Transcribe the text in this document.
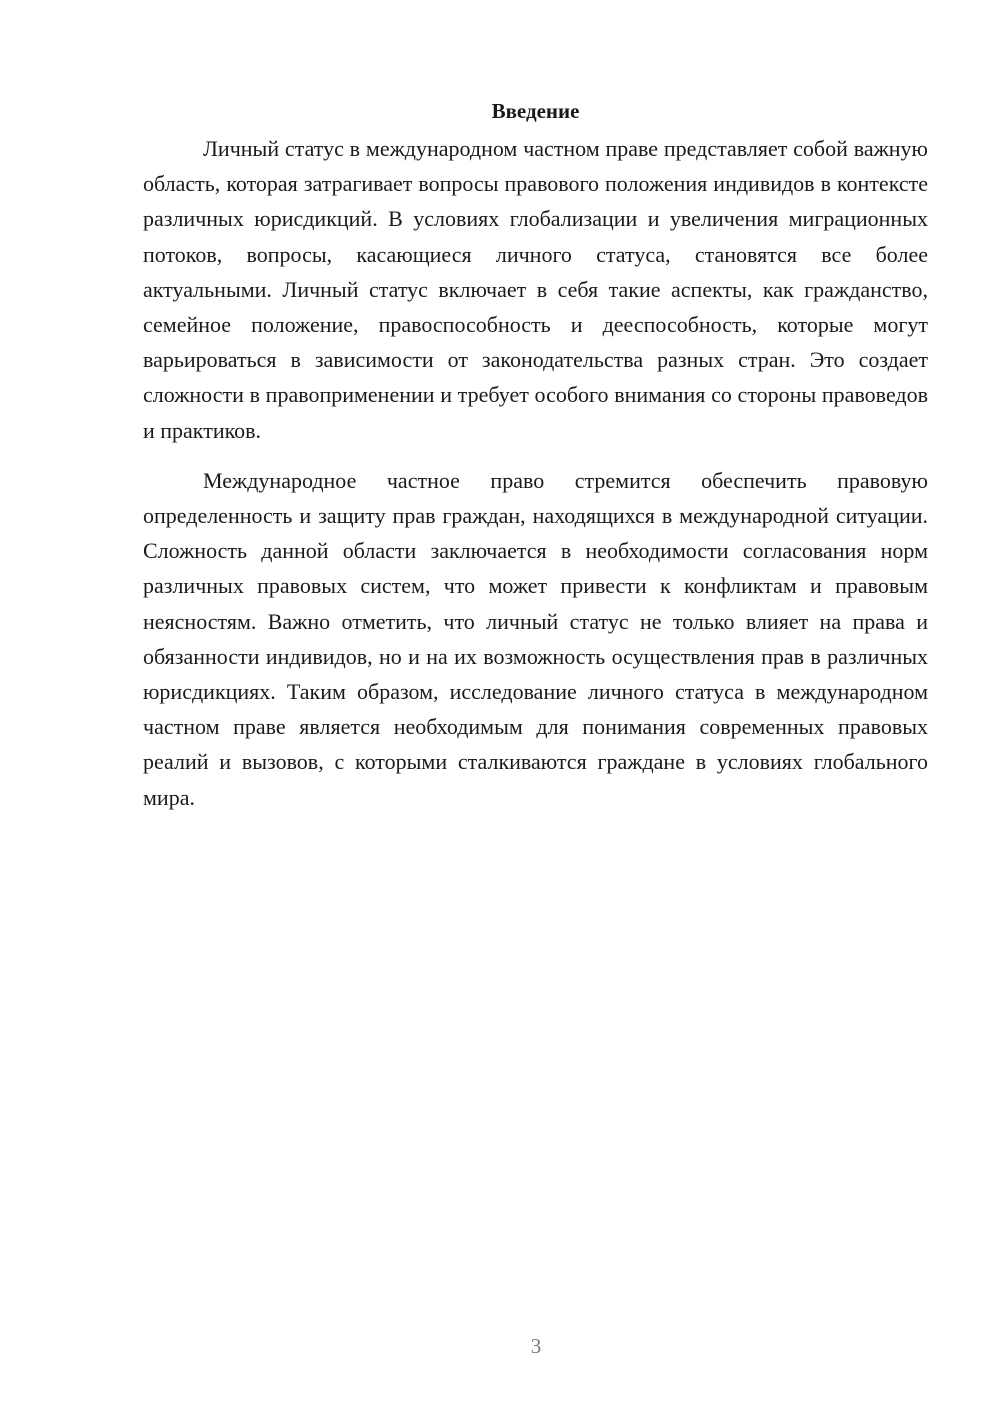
Введение

Личный статус в международном частном праве представляет собой важную область, которая затрагивает вопросы правового положения индивидов в контексте различных юрисдикций. В условиях глобализации и увеличения миграционных потоков, вопросы, касающиеся личного статуса, становятся все более актуальными. Личный статус включает в себя такие аспекты, как гражданство, семейное положение, правоспособность и дееспособность, которые могут варьироваться в зависимости от законодательства разных стран. Это создает сложности в правоприменении и требует особого внимания со стороны правоведов и практиков.

Международное частное право стремится обеспечить правовую определенность и защиту прав граждан, находящихся в международной ситуации. Сложность данной области заключается в необходимости согласования норм различных правовых систем, что может привести к конфликтам и правовым неясностям. Важно отметить, что личный статус не только влияет на права и обязанности индивидов, но и на их возможность осуществления прав в различных юрисдикциях. Таким образом, исследование личного статуса в международном частном праве является необходимым для понимания современных правовых реалий и вызовов, с которыми сталкиваются граждане в условиях глобального мира.

3
